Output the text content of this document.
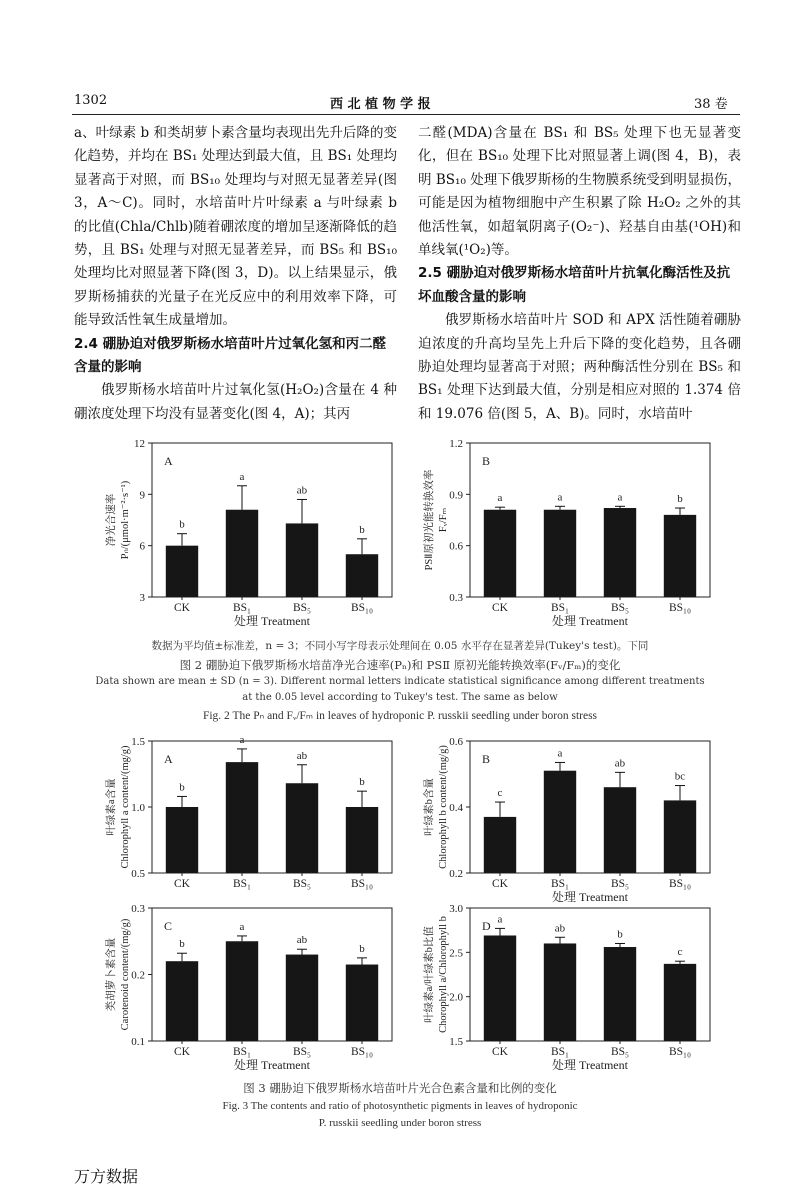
1302	西 北 植 物 学 报	38 卷

a、叶绿素 b 和类胡萝卜素含量均表现出先升后降的变化趋势，并均在 BS₁ 处理达到最大值，且 BS₁ 处理均显著高于对照，而 BS₁₀ 处理均与对照无显著差异(图 3，A～C)。同时，水培苗叶片叶绿素 a 与叶绿素 b 的比值(Chla/Chlb)随着硼浓度的增加呈逐渐降低的趋势，且 BS₁ 处理与对照无显著差异，而 BS₅ 和 BS₁₀ 处理均比对照显著下降(图 3，D)。以上结果显示，俄罗斯杨捕获的光量子在光反应中的利用效率下降，可能导致活性氧生成量增加。

2.4 硼胁迫对俄罗斯杨水培苗叶片过氧化氢和丙二醛含量的影响

俄罗斯杨水培苗叶片过氧化氢(H₂O₂)含量在 4 种硼浓度处理下均没有显著变化(图 4，A)；其丙

二醛(MDA)含量在 BS₁ 和 BS₅ 处理下也无显著变化，但在 BS₁₀ 处理下比对照显著上调(图 4，B)，表明 BS₁₀ 处理下俄罗斯杨的生物膜系统受到明显损伤，可能是因为植物细胞中产生积累了除 H₂O₂ 之外的其他活性氧，如超氧阴离子(O₂⁻)、羟基自由基(¹OH)和单线氧(¹O₂)等。

2.5 硼胁迫对俄罗斯杨水培苗叶片抗氧化酶活性及抗坏血酸含量的影响

俄罗斯杨水培苗叶片 SOD 和 APX 活性随着硼胁迫浓度的升高均呈先上升后下降的变化趋势，且各硼胁迫处理均显著高于对照；两种酶活性分别在 BS₅ 和 BS₁ 处理下达到最大值，分别是相应对照的 1.374 倍和 19.076 倍(图 5，A、B)。同时，水培苗叶

3
6
9
12
b
CK
a
BS₁
ab
BS₅
b
BS₁₀
A
处理 Treatment
净光合速率 Pₙ/(μmol·m⁻²·s⁻¹)
0.3
0.6
0.9
1.2
a
CK
a
BS₁
a
BS₅
b
BS₁₀
B
处理 Treatment
PSⅡ原初光能转换效率 Fᵥ/Fₘ
数据为平均值±标准差，n = 3；不同小写字母表示处理间在 0.05 水平存在显著差异(Tukey's test)。下同
图 2 硼胁迫下俄罗斯杨水培苗净光合速率(Pₙ)和 PSⅡ 原初光能转换效率(Fᵥ/Fₘ)的变化
Data shown are mean ± SD (n = 3). Different normal letters indicate statistical significance among different treatments
at the 0.05 level according to Tukey's test. The same as below
Fig. 2 The Pₙ and Fᵥ/Fₘ in leaves of hydroponic P. russkii seedling under boron stress
0.5
1.0
1.5
b
CK
a
BS₁
ab
BS₅
b
BS₁₀
A
叶绿素a含量 Chlorophyll a content/(mg/g)
0.2
0.4
0.6
c
CK
a
BS₁
ab
BS₅
bc
BS₁₀
B
处理 Treatment
叶绿素b含量 Chlorophyll b content/(mg/g)
0.1
0.2
0.3
b
CK
a
BS₁
ab
BS₅
b
BS₁₀
C
处理 Treatment
类胡萝卜素含量 Carotenoid content/(mg/g)
1.5
2.0
2.5
3.0
a
CK
ab
BS₁
b
BS₅
c
BS₁₀
D
处理 Treatment
叶绿素a/叶绿素b比值 Chorophyll a/Chlorophyll b
图 3 硼胁迫下俄罗斯杨水培苗叶片光合色素含量和比例的变化
Fig. 3 The contents and ratio of photosynthetic pigments in leaves of hydroponic
P. russkii seedling under boron stress
万方数据
